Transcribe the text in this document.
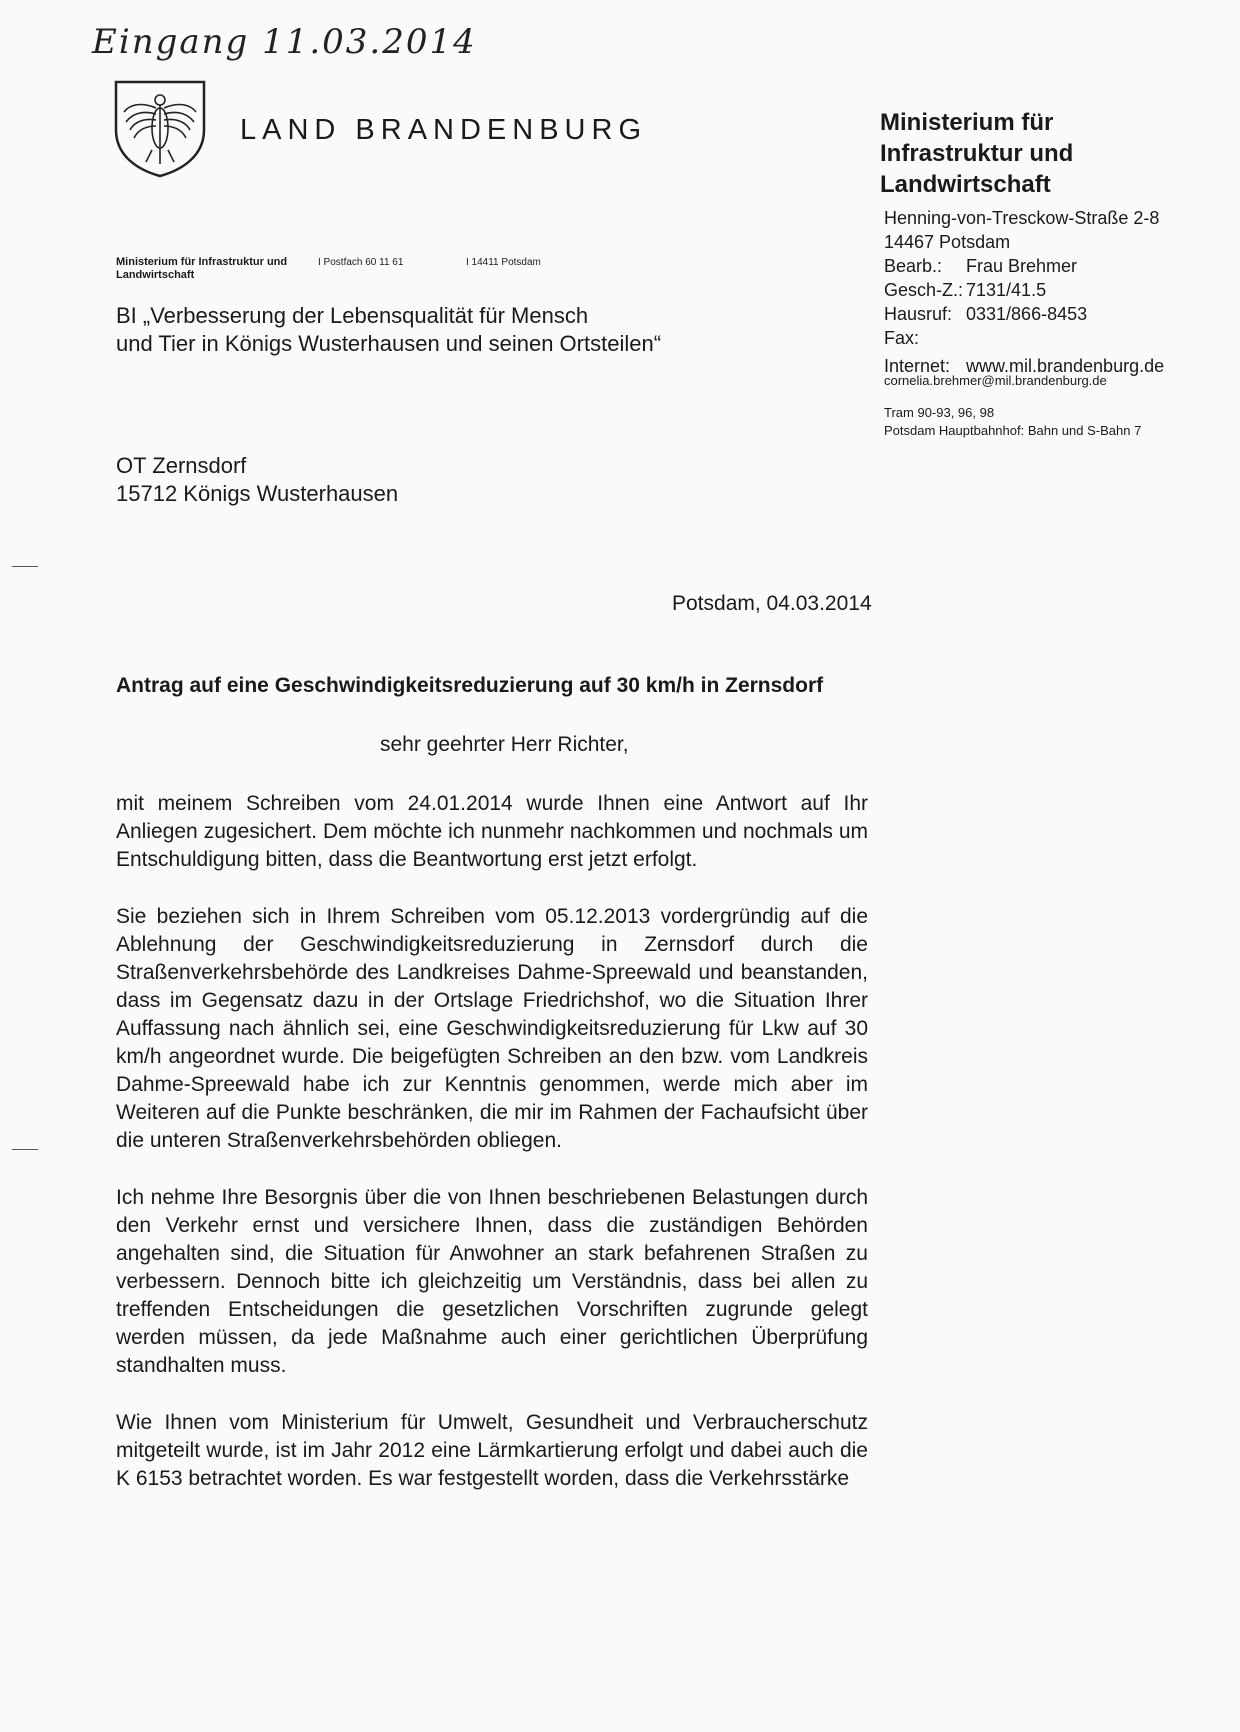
Eingang 11.03.2014
LAND BRANDENBURG	Ministerium für
Infrastruktur und
Landwirtschaft
Henning-von-Tresckow-Straße 2-8
14467 Potsdam
Bearb.:	Frau Brehmer
Gesch-Z.: 7131/41.5
Hausruf: 0331/866-8453
Fax:
Internet: www.mil.brandenburg.de
cornelia.brehmer@mil.brandenburg.de
Tram 90-93, 96, 98
Potsdam Hauptbahnhof: Bahn und S-Bahn 7
Ministerium für Infrastruktur und
Landwirtschaft
I Postfach 60 11 61	I 14411 Potsdam
BI „Verbesserung der Lebensqualität für Mensch
und Tier in Königs Wusterhausen und seinen Ortsteilen“
OT Zernsdorf
15712 Königs Wusterhausen
Potsdam, 04.03.2014
Antrag auf eine Geschwindigkeitsreduzierung auf 30 km/h in Zernsdorf
sehr geehrter Herr Richter,

mit meinem Schreiben vom 24.01.2014 wurde Ihnen eine Antwort auf Ihr Anliegen zugesichert. Dem möchte ich nunmehr nachkommen und nochmals um Entschuldigung bitten, dass die Beantwortung erst jetzt erfolgt.

Sie beziehen sich in Ihrem Schreiben vom 05.12.2013 vordergründig auf die Ablehnung der Geschwindigkeitsreduzierung in Zernsdorf durch die Straßenverkehrsbehörde des Landkreises Dahme-Spreewald und beanstanden, dass im Gegensatz dazu in der Ortslage Friedrichshof, wo die Situation Ihrer Auffassung nach ähnlich sei, eine Geschwindigkeitsreduzierung für Lkw auf 30 km/h angeordnet wurde. Die beigefügten Schreiben an den bzw. vom Landkreis Dahme-Spreewald habe ich zur Kenntnis genommen, werde mich aber im Weiteren auf die Punkte beschränken, die mir im Rahmen der Fachaufsicht über die unteren Straßenverkehrsbehörden obliegen.

Ich nehme Ihre Besorgnis über die von Ihnen beschriebenen Belastungen durch den Verkehr ernst und versichere Ihnen, dass die zuständigen Behörden angehalten sind, die Situation für Anwohner an stark befahrenen Straßen zu verbessern. Dennoch bitte ich gleichzeitig um Verständnis, dass bei allen zu treffenden Entscheidungen die gesetzlichen Vorschriften zugrunde gelegt werden müssen, da jede Maßnahme auch einer gerichtlichen Überprüfung standhalten muss.

Wie Ihnen vom Ministerium für Umwelt, Gesundheit und Verbraucherschutz mitgeteilt wurde, ist im Jahr 2012 eine Lärmkartierung erfolgt und dabei auch die K 6153 betrachtet worden. Es war festgestellt worden, dass die Verkehrsstärke
